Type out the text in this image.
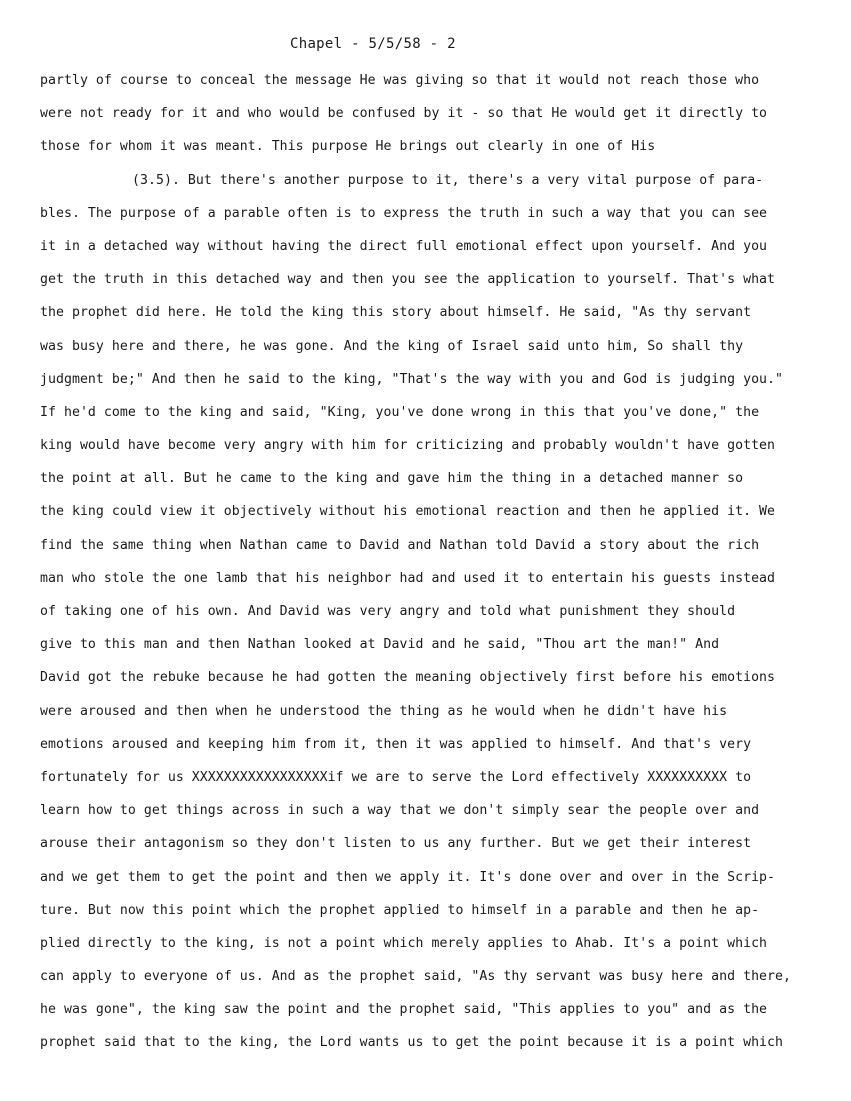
Chapel - 5/5/58 - 2
partly of course to conceal the message He was giving so that it would not reach those who
were not ready for it and who would be confused by it - so that He would get it directly to
those for whom it was meant. This purpose He brings out clearly in one of His
(3.5). But there's another purpose to it, there's a very vital purpose of para-
bles. The purpose of a parable often is to express the truth in such a way that you can see
it in a detached way without having the direct full emotional effect upon yourself. And you
get the truth in this detached way and then you see the application to yourself. That's what
the prophet did here. He told the king this story about himself. He said, "As thy servant
was busy here and there, he was gone. And the king of Israel said unto him, So shall thy
judgment be;" And then he said to the king, "That's the way with you and God is judging you."
If he'd come to the king and said, "King, you've done wrong in this that you've done," the
king would have become very angry with him for criticizing and probably wouldn't have gotten
the point at all. But he came to the king and gave him the thing in a detached manner so
the king could view it objectively without his emotional reaction and then he applied it. We
find the same thing when Nathan came to David and Nathan told David a story about the rich
man who stole the one lamb that his neighbor had and used it to entertain his guests instead
of taking one of his own. And David was very angry and told what punishment they should
give to this man and then Nathan looked at David and he said, "Thou art the man!" And
David got the rebuke because he had gotten the meaning objectively first before his emotions
were aroused and then when he understood the thing as he would when he didn't have his
emotions aroused and keeping him from it, then it was applied to himself. And that's very
fortunately for us XXXXXXXXXXXXXXXXXif we are to serve the Lord effectively XXXXXXXXXX to
learn how to get things across in such a way that we don't simply sear the people over and
arouse their antagonism so they don't listen to us any further. But we get their interest
and we get them to get the point and then we apply it. It's done over and over in the Scrip-
ture. But now this point which the prophet applied to himself in a parable and then he ap-
plied directly to the king, is not a point which merely applies to Ahab. It's a point which
can apply to everyone of us. And as the prophet said, "As thy servant was busy here and there,
he was gone", the king saw the point and the prophet said, "This applies to you" and as the
prophet said that to the king, the Lord wants us to get the point because it is a point which
